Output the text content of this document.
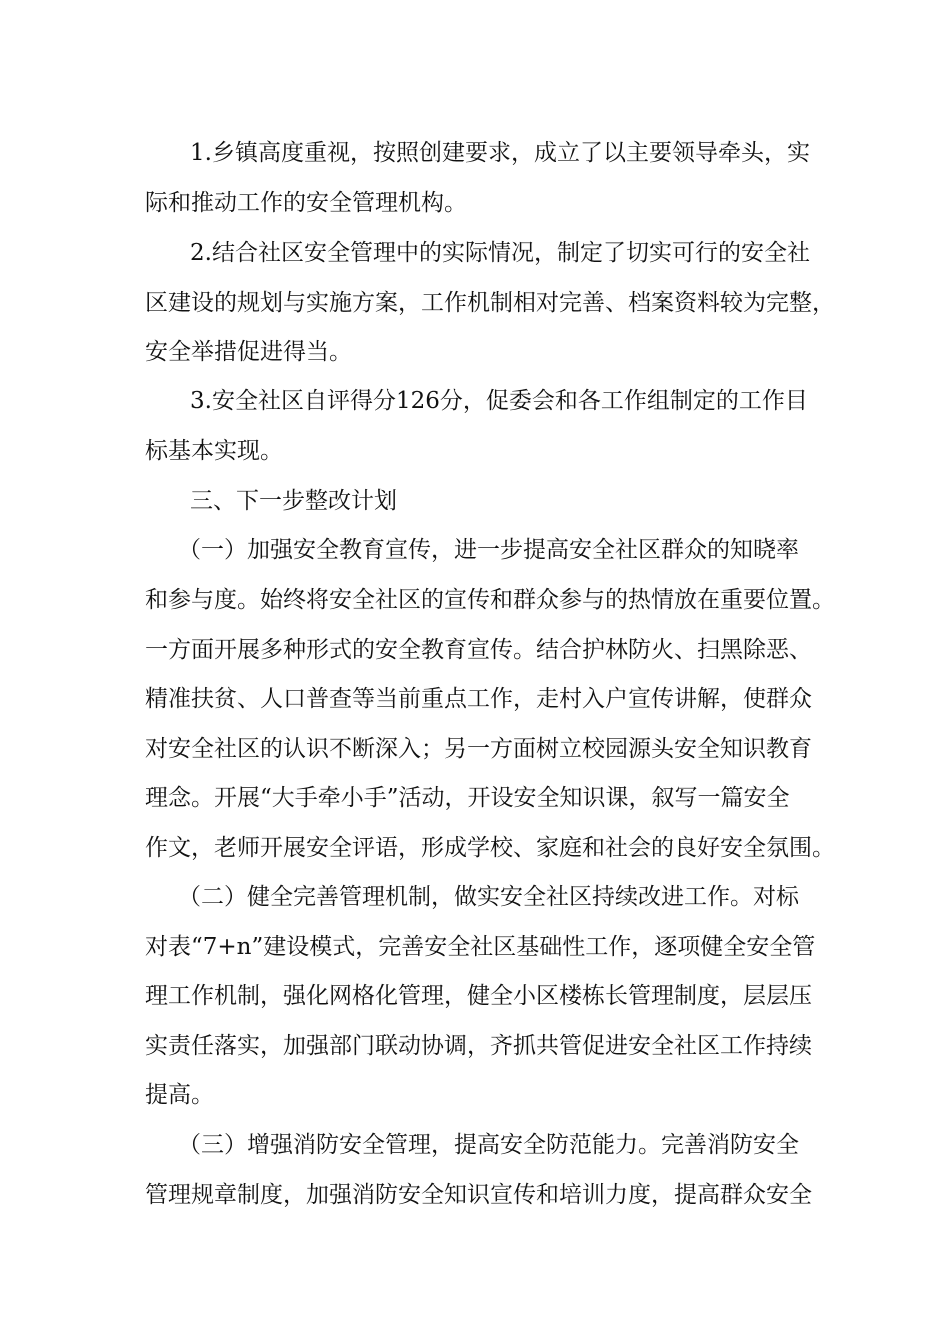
1.乡镇高度重视，按照创建要求，成立了以主要领导牵头，实
际和推动工作的安全管理机构。
2.结合社区安全管理中的实际情况，制定了切实可行的安全社
区建设的规划与实施方案，工作机制相对完善、档案资料较为完整，
安全举措促进得当。
3.安全社区自评得分126分，促委会和各工作组制定的工作目
标基本实现。
三、下一步整改计划
（一）加强安全教育宣传，进一步提高安全社区群众的知晓率
和参与度。始终将安全社区的宣传和群众参与的热情放在重要位置。
一方面开展多种形式的安全教育宣传。结合护林防火、扫黑除恶、
精准扶贫、人口普查等当前重点工作，走村入户宣传讲解，使群众
对安全社区的认识不断深入；另一方面树立校园源头安全知识教育
理念。开展“大手牵小手”活动，开设安全知识课，叙写一篇安全
作文，老师开展安全评语，形成学校、家庭和社会的良好安全氛围。
（二）健全完善管理机制，做实安全社区持续改进工作。对标
对表“7+n”建设模式，完善安全社区基础性工作，逐项健全安全管
理工作机制，强化网格化管理，健全小区楼栋长管理制度，层层压
实责任落实，加强部门联动协调，齐抓共管促进安全社区工作持续
提高。
（三）增强消防安全管理，提高安全防范能力。完善消防安全
管理规章制度，加强消防安全知识宣传和培训力度，提高群众安全
